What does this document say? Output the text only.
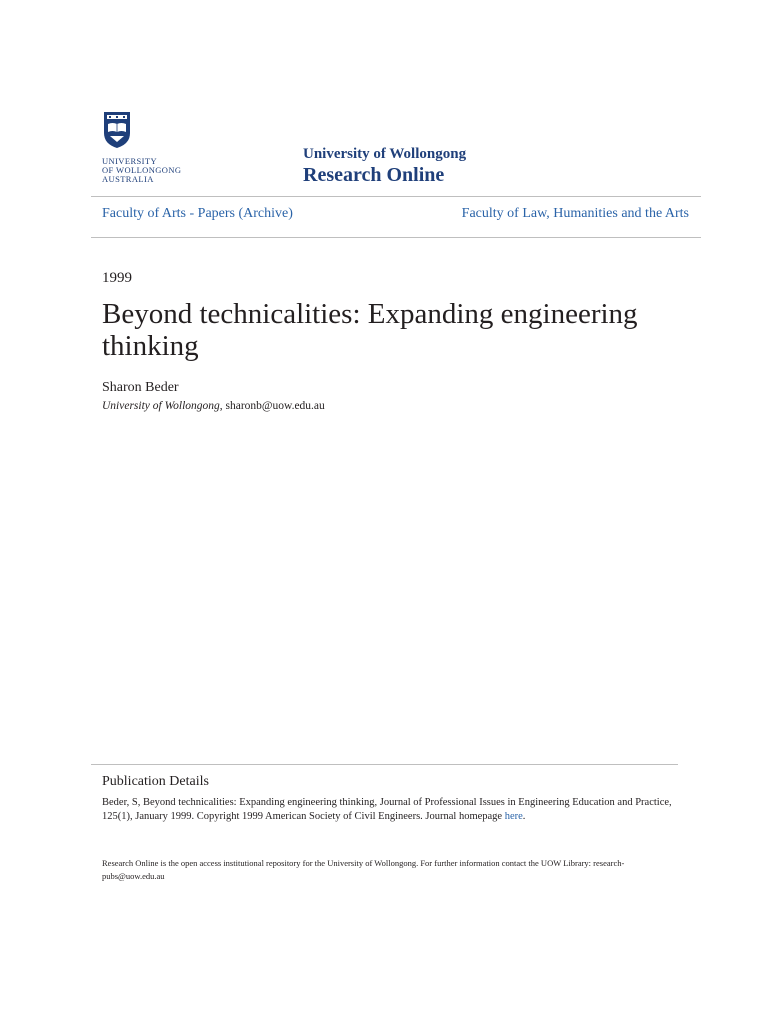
UNIVERSITY
OF WOLLONGONG
AUSTRALIA
University of Wollongong
Research Online
Faculty of Arts - Papers (Archive)	Faculty of Law, Humanities and the Arts
1999
Beyond technicalities: Expanding engineering thinking
Sharon Beder
University of Wollongong, sharonb@uow.edu.au
Publication Details
Beder, S, Beyond technicalities: Expanding engineering thinking, Journal of Professional Issues in Engineering Education and Practice, 125(1), January 1999. Copyright 1999 American Society of Civil Engineers. Journal homepage here.
Research Online is the open access institutional repository for the University of Wollongong. For further information contact the UOW Library: research-pubs@uow.edu.au
